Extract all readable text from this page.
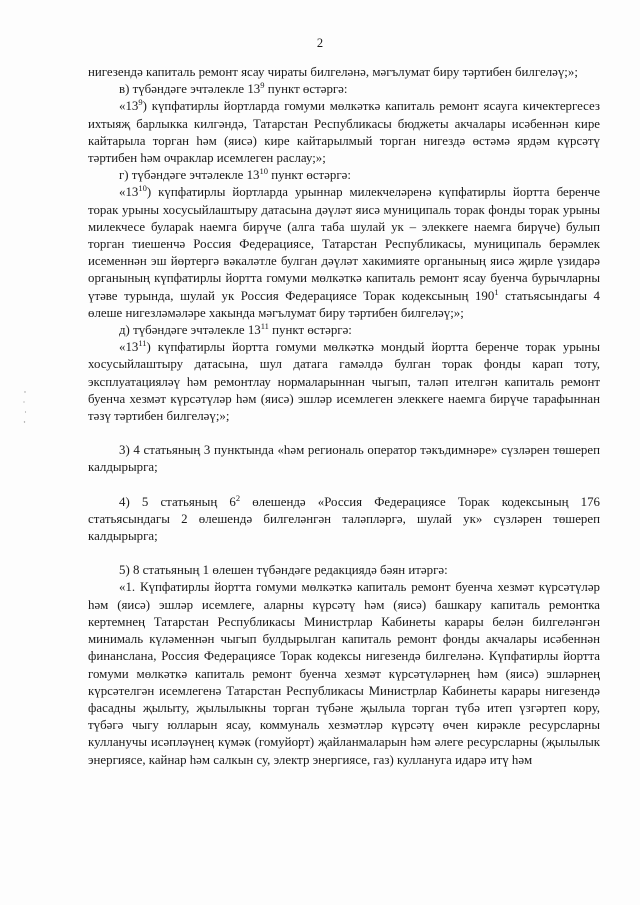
2

нигезендә капиталь ремонт ясау чираты билгеләнә, мәгълумат биру тәртибен билгеләү;»;

в) түбәндәге эчтәлекле $13^9$ пункт өстәргә:

«$13^9$) күпфатирлы йортларда гомуми мөлкәткә капиталь ремонт ясауга кичектергесез ихтыяҗ барлыкка килгәндә, Татарстан Республикасы бюджеты акчалары исәбеннән кире кайтарыла торган һәм (яисә) кире кайтарылмый торган нигездә өстәмә ярдәм күрсәтү тәртибен һәм очраклар исемлеген раслау;»;

г) түбәндәге эчтәлекле $13^{10}$ пункт өстәргә:

«$13^{10}$) күпфатирлы йортларда урыннар милекчеләренә күпфатирлы йортта беренче торак урыны хосусыйлаштыру датасына дәүләт яисә муниципаль торак фонды торак урыны милекчесе булараk наемга бирүче (алга таба шулай ук – элеккеге наемга бирүче) булып торган тиешенчә Россия Федерациясе, Татарстан Республикасы, муниципаль берәмлек исеменнән эш йөртергә вәкаләтле булган дәүләт хакимияте органының яисә җирле үзидарә органының күпфатирлы йортта гомуми мөлкәткә капиталь ремонт ясау буенча бурычларны үтәве турында, шулай ук Россия Федерациясе Торак кодексының $190^1$ статьясындагы 4 өлеше нигезләмәләре хакында мәгълумат биру тәртибен билгеләү;»;

д) түбәндәге эчтәлекле $13^{11}$ пункт өстәргә:

«$13^{11}$) күпфатирлы йортта гомуми мөлкәткә мондый йортта беренче торак урыны хосусыйлаштыру датасына, шул датага гамәлдә булган торак фонды карап тоту, эксплуатацияләү һәм ремонтлау нормаларыннан чыгып, таләп ителгән капиталь ремонт буенча хезмәт күрсәтүләр һәм (яисә) эшләр исемлеген элеккеге наемга бирүче тарафыннан тәзү тәртибен билгеләү;»;

3) 4 статьяның 3 пунктында «һәм региональ оператор тәкъдимнәре» сүзләрен төшереп калдырырга;

4) 5 статьяның $6^2$ өлешендә «Россия Федерациясе Торак кодексының 176 статьясындагы 2 өлешендә билгеләнгән таләпләргә, шулай ук» сүзләрен төшереп калдырырга;

5) 8 статьяның 1 өлешен түбәндәге редакциядә бәян итәргә:

«1. Күпфатирлы йортта гомуми мөлкәткә капиталь ремонт буенча хезмәт күрсәтүләр һәм (яисә) эшләр исемлеге, аларны күрсәтү һәм (яисә) башкару капиталь ремонтка кертемнең Татарстан Республикасы Министрлар Кабинеты карары белән билгеләнгән минималь күләменнән чыгып булдырылган капиталь ремонт фонды акчалары исәбеннән финанслана, Россия Федерациясе Торак кодексы нигезендә билгеләнә. Күпфатирлы йортта гомуми мөлкәткә капиталь ремонт буенча хезмәт күрсәтүләрнең һәм (яисә) эшләрнең күрсәтелгән исемлегенә Татарстан Республикасы Министрлар Кабинеты карары нигезендә фасадны җылыту, җылылыкны торган түбәне җылыла торган түбә итеп үзгәртеп кору, түбәгә чыгу юлларын ясау, коммуналь хезмәтләр күрсәтү өчен кирәкле ресурсларны кулланучы исәпләүнең күмәк (гомуйорт) җайланмаларын һәм әлеге ресурсларны (җылылык энергиясе, кайнар һәм салкын су, электр энергиясе, газ) кулланугa идарә итү һәм
